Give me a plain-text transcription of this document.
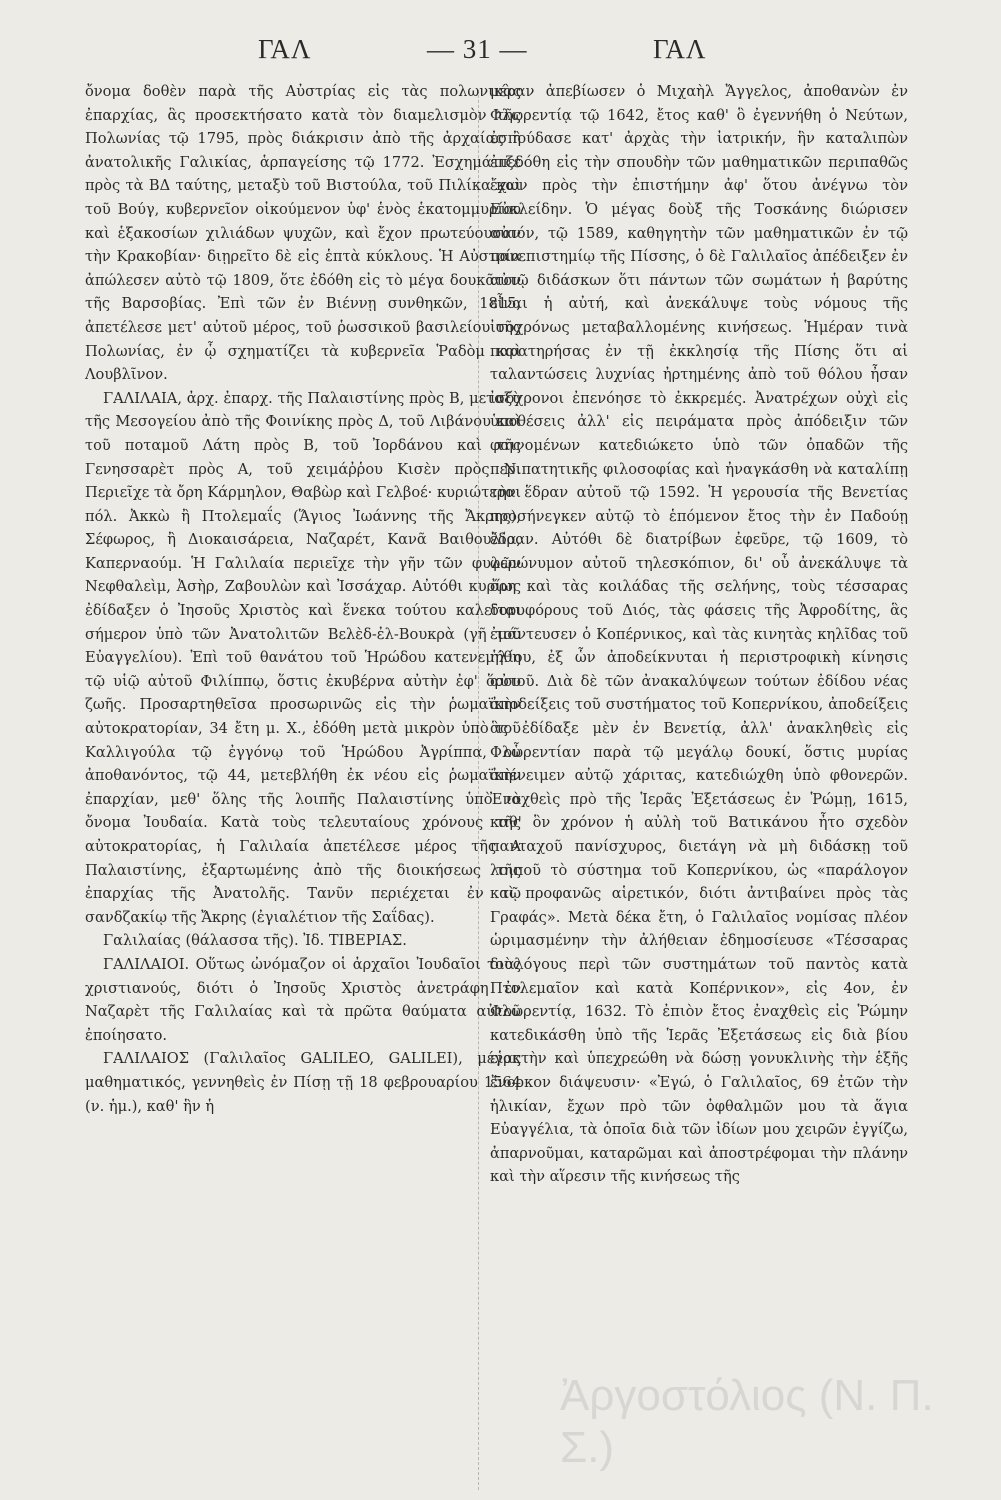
ΓΑΛ	— 31 —	ΓΑΛ

ὄνομα δοθὲν παρὰ τῆς Αὐστρίας εἰς τὰς πολωνικὰς ἐπαρχίας, ἃς προσεκτήσατο κατὰ τὸν διαμελισμὸν τῆς Πολωνίας τῷ 1795, πρὸς διάκρισιν ἀπὸ τῆς ἀρχαίας ἢ ἀνατολικῆς Γαλικίας, ἁρπαγείσης τῷ 1772. Ἐσχημάτιζε πρὸς τὰ ΒΔ ταύτης, μεταξὺ τοῦ Βιστούλα, τοῦ Πιλίκα καὶ τοῦ Βούγ, κυβερνεῖον οἰκούμενον ὑφ' ἑνὸς ἑκατομμυρίου καὶ ἑξακοσίων χιλιάδων ψυχῶν, καὶ ἔχον πρωτεύουσαν τὴν Κρακοβίαν· διῃρεῖτο δὲ εἰς ἑπτὰ κύκλους. Ἡ Αὐστρία ἀπώλεσεν αὐτὸ τῷ 1809, ὅτε ἐδόθη εἰς τὸ μέγα δουκᾶτον τῆς Βαρσοβίας. Ἐπὶ τῶν ἐν Βιέννῃ συνθηκῶν, 1815, ἀπετέλεσε μετ' αὐτοῦ μέρος, τοῦ ῥωσσικοῦ βασιλείου τῆς Πολωνίας, ἐν ᾧ σχηματίζει τὰ κυβερνεῖα Ῥαδὸμ καὶ Λουβλῖνον.

ΓΑΛΙΛΑΙΑ, ἀρχ. ἐπαρχ. τῆς Παλαιστίνης πρὸς Β, μεταξὺ τῆς Μεσογείου ἀπὸ τῆς Φοινίκης πρὸς Δ, τοῦ Λιβάνου καὶ τοῦ ποταμοῦ Λάτη πρὸς Β, τοῦ Ἰορδάνου καὶ τῆς Γενησσαρὲτ πρὸς Α, τοῦ χειμάῤῥου Κισὲν πρὸς Ν. Περιεῖχε τὰ ὄρη Κάρμηλον, Θαβὼρ καὶ Γελβοέ· κυριώτεραι πόλ. Ἀκκὼ ἢ Πτολεμαΐς (Ἅγιος Ἰωάννης τῆς Ἄκρης), Σέφωρος, ἢ Διοκαισάρεια, Ναζαρέτ, Κανᾶ Βαιθουλία, Καπερναούμ. Ἡ Γαλιλαία περιεῖχε τὴν γῆν τῶν φυλῶν Νεφθαλεὶμ, Ἀσὴρ, Ζαβουλὼν καὶ Ἰσσάχαρ. Αὐτόθι κυρίως ἐδίδαξεν ὁ Ἰησοῦς Χριστὸς καὶ ἕνεκα τούτου καλεῖται σήμερον ὑπὸ τῶν Ἀνατολιτῶν Βελὲδ-ἐλ-Βουκρὰ (γῆ τοῦ Εὐαγγελίου). Ἐπὶ τοῦ θανάτου τοῦ Ἡρώδου κατενεμήθη τῷ υἱῷ αὐτοῦ Φιλίππῳ, ὅστις ἐκυβέρνα αὐτὴν ἐφ' ὅρου ζωῆς. Προσαρτηθεῖσα προσωρινῶς εἰς τὴν ῥωμαϊκὴν αὐτοκρατορίαν, 34 ἔτη μ. Χ., ἐδόθη μετὰ μικρὸν ὑπὸ τοῦ Καλλιγούλα τῷ ἐγγόνῳ τοῦ Ἡρώδου Ἀγρίππα, οὗ ἀποθανόντος, τῷ 44, μετεβλήθη ἐκ νέου εἰς ῥωμαϊκὴν ἐπαρχίαν, μεθ' ὅλης τῆς λοιπῆς Παλαιστίνης ὑπὸ τὸ ὄνομα Ἰουδαία. Κατὰ τοὺς τελευταίους χρόνους τῆς αὐτοκρατορίας, ἡ Γαλιλαία ἀπετέλεσε μέρος τῆς Α Παλαιστίνης, ἐξαρτωμένης ἀπὸ τῆς διοικήσεως τῆς ἐπαρχίας τῆς Ἀνατολῆς. Τανῦν περιέχεται ἐν τῷ σανδζακίῳ τῆς Ἄκρης (ἐγιαλέτιον τῆς Σαΐδας).

Γαλιλαίας (θάλασσα τῆς). Ἰδ. ΤΙΒΕΡΙΑΣ.

ΓΑΛΙΛΑΙΟΙ. Οὕτως ὠνόμαζον οἱ ἀρχαῖοι Ἰουδαῖοι τοὺς χριστιανούς, διότι ὁ Ἰησοῦς Χριστὸς ἀνετράφη ἐν Ναζαρὲτ τῆς Γαλιλαίας καὶ τὰ πρῶτα θαύματα αὐτοῦ ἐποίησατο.

ΓΑΛΙΛΑΙΟΣ (Γαλιλαῖος GALILEO, GALILEI), μέγας μαθηματικός, γεννηθεὶς ἐν Πίσῃ τῇ 18 φεβρουαρίου 1564 (ν. ἡμ.), καθ' ἣν ἡ

μέραν ἀπεβίωσεν ὁ Μιχαὴλ Ἄγγελος, ἀποθανὼν ἐν Φλωρεντίᾳ τῷ 1642, ἔτος καθ' ὃ ἐγεννήθη ὁ Νεύτων, ἐσπούδασε κατ' ἀρχὰς τὴν ἰατρικήν, ἣν καταλιπὼν ἐπεδόθη εἰς τὴν σπουδὴν τῶν μαθηματικῶν περιπαθῶς ἔχων πρὸς τὴν ἐπιστήμην ἀφ' ὅτου ἀνέγνω τὸν Εὐκλείδην. Ὁ μέγας δοὺξ τῆς Τοσκάνης διώρισεν αὐτόν, τῷ 1589, καθηγητὴν τῶν μαθηματικῶν ἐν τῷ πανεπιστημίῳ τῆς Πίσσης, ὁ δὲ Γαλιλαῖος ἀπέδειξεν ἐν αὐτῷ διδάσκων ὅτι πάντων τῶν σωμάτων ἡ βαρύτης εἶναι ἡ αὐτή, καὶ ἀνεκάλυψε τοὺς νόμους τῆς ἰσοχρόνως μεταβαλλομένης κινήσεως. Ἡμέραν τινὰ παρατηρήσας ἐν τῇ ἐκκλησίᾳ τῆς Πίσης ὅτι αἱ ταλαντώσεις λυχνίας ἠρτημένης ἀπὸ τοῦ θόλου ἦσαν ἰσόχρονοι ἐπενόησε τὸ ἐκκρεμές. Ἀνατρέχων οὐχὶ εἰς ὑποθέσεις ἀλλ' εἰς πειράματα πρὸς ἀπόδειξιν τῶν φαινομένων κατεδιώκετο ὑπὸ τῶν ὀπαδῶν τῆς περιπατητικῆς φιλοσοφίας καὶ ἠναγκάσθη νὰ καταλίπῃ τὴν ἕδραν αὐτοῦ τῷ 1592. Ἡ γερουσία τῆς Βενετίας προσήνεγκεν αὐτῷ τὸ ἑπόμενον ἔτος τὴν ἐν Παδούῃ ἕδραν. Αὐτόθι δὲ διατρίβων ἐφεῦρε, τῷ 1609, τὸ φερώνυμον αὐτοῦ τηλεσκόπιον, δι' οὗ ἀνεκάλυψε τὰ ὄρη καὶ τὰς κοιλάδας τῆς σελήνης, τοὺς τέσσαρας δορυφόρους τοῦ Διός, τὰς φάσεις τῆς Ἀφροδίτης, ἃς ἐμάντευσεν ὁ Κοπέρνικος, καὶ τὰς κινητὰς κηλῖδας τοῦ ἡλίου, ἐξ ὧν ἀποδείκνυται ἡ περιστροφικὴ κίνησις αὐτοῦ. Διὰ δὲ τῶν ἀνακαλύψεων τούτων ἐδίδου νέας ἀποδείξεις τοῦ συστήματος τοῦ Κοπερνίκου, ἀποδείξεις ἃς ἐδίδαξε μὲν ἐν Βενετίᾳ, ἀλλ' ἀνακληθεὶς εἰς Φλωρεντίαν παρὰ τῷ μεγάλῳ δουκί, ὅστις μυρίας ἀπένειμεν αὐτῷ χάριτας, κατεδιώχθη ὑπὸ φθονερῶν. Ἐναχθεὶς πρὸ τῆς Ἱερᾶς Ἐξετάσεως ἐν Ῥώμῃ, 1615, καθ' ὃν χρόνον ἡ αὐλὴ τοῦ Βατικάνου ἦτο σχεδὸν πανταχοῦ πανίσχυρος, διετάγη νὰ μὴ διδάσκῃ τοῦ λοιποῦ τὸ σύστημα τοῦ Κοπερνίκου, ὡς «παράλογον καὶ προφανῶς αἱρετικόν, διότι ἀντιβαίνει πρὸς τὰς Γραφάς». Μετὰ δέκα ἔτη, ὁ Γαλιλαῖος νομίσας πλέον ὡριμασμένην τὴν ἀλήθειαν ἐδημοσίευσε «Τέσσαρας διαλόγους περὶ τῶν συστημάτων τοῦ παντὸς κατὰ Πτολεμαῖον καὶ κατὰ Κοπέρνικον», εἰς 4ον, ἐν Φλωρεντίᾳ, 1632. Τὸ ἐπιὸν ἔτος ἐναχθεὶς εἰς Ῥώμην κατεδικάσθη ὑπὸ τῆς Ἱερᾶς Ἐξετάσεως εἰς διὰ βίου εἱρκτὴν καὶ ὑπεχρεώθη νὰ δώσῃ γονυκλινὴς τὴν ἑξῆς ἔνορκον διάψευσιν· «Ἐγώ, ὁ Γαλιλαῖος, 69 ἐτῶν τὴν ἡλικίαν, ἔχων πρὸ τῶν ὀφθαλμῶν μου τὰ ἅγια Εὐαγγέλια, τὰ ὁποῖα διὰ τῶν ἰδίων μου χειρῶν ἐγγίζω, ἀπαρνοῦμαι, καταρῶμαι καὶ ἀποστρέφομαι τὴν πλάνην καὶ τὴν αἵρεσιν τῆς κινήσεως τῆς

Ἀργοστόλιος (Ν. Π. Σ.)
